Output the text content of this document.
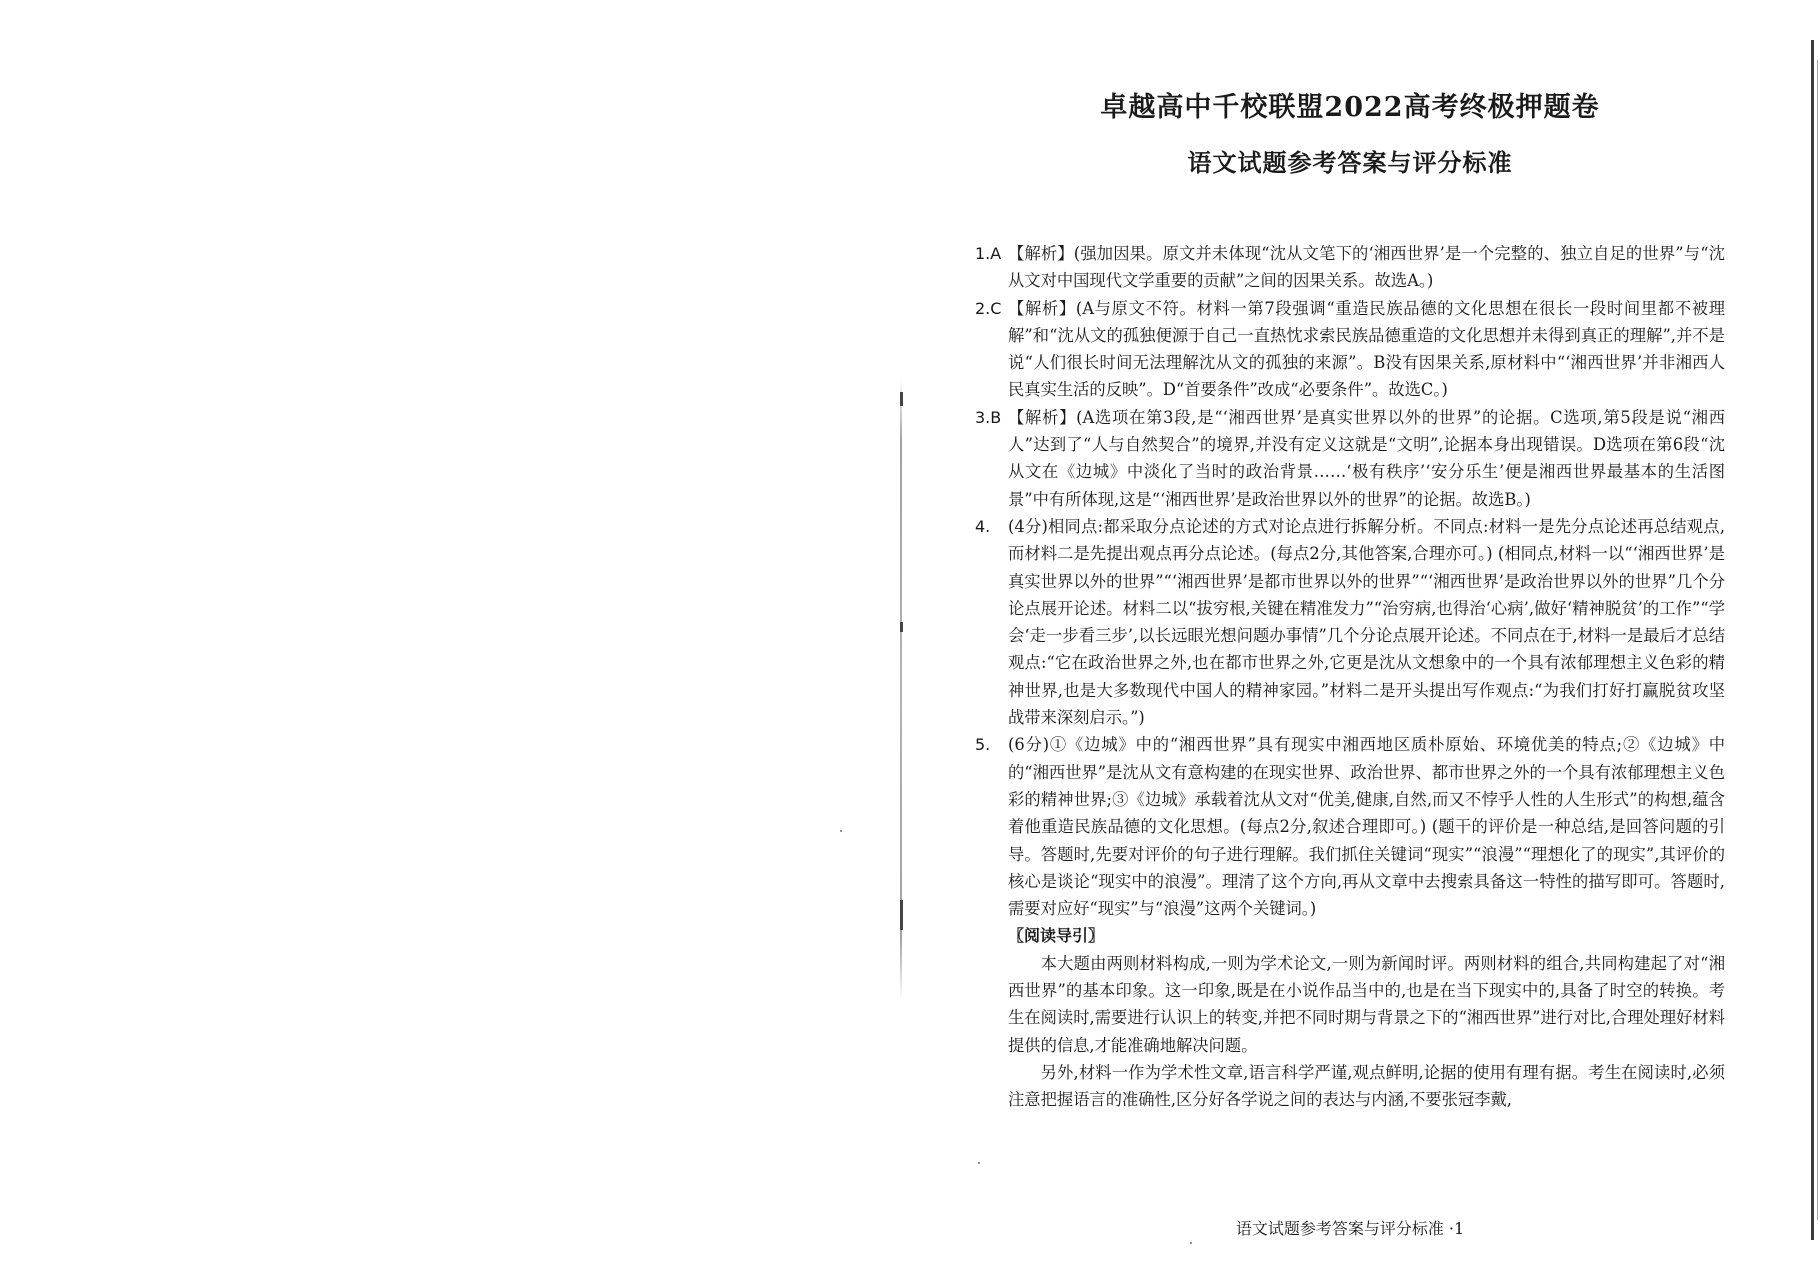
卓越高中千校联盟2022高考终极押题卷
语文试题参考答案与评分标准
1.A 【解析】(强加因果。原文并未体现“沈从文笔下的‘湘西世界’是一个完整的、独立自足的世界”与“沈从文对中国现代文学重要的贡献”之间的因果关系。故选A。)
2.C 【解析】(A与原文不符。材料一第7段强调“重造民族品德的文化思想在很长一段时间里都不被理解”和“沈从文的孤独便源于自己一直热忱求索民族品德重造的文化思想并未得到真正的理解”,并不是说“人们很长时间无法理解沈从文的孤独的来源”。B没有因果关系,原材料中“‘湘西世界’并非湘西人民真实生活的反映”。D“首要条件”改成“必要条件”。故选C。)
3.B 【解析】(A选项在第3段,是“‘湘西世界’是真实世界以外的世界”的论据。C选项,第5段是说“湘西人”达到了“人与自然契合”的境界,并没有定义这就是“文明”,论据本身出现错误。D选项在第6段“沈从文在《边城》中淡化了当时的政治背景……‘极有秩序’‘安分乐生’便是湘西世界最基本的生活图景”中有所体现,这是“‘湘西世界’是政治世界以外的世界”的论据。故选B。)
4. (4分)相同点:都采取分点论述的方式对论点进行拆解分析。不同点:材料一是先分点论述再总结观点,而材料二是先提出观点再分点论述。(每点2分,其他答案,合理亦可。) (相同点,材料一以“‘湘西世界’是真实世界以外的世界”“‘湘西世界’是都市世界以外的世界”“‘湘西世界’是政治世界以外的世界”几个分论点展开论述。材料二以“拔穷根,关键在精准发力”“治穷病,也得治‘心病’,做好‘精神脱贫’的工作”“学会‘走一步看三步’,以长远眼光想问题办事情”几个分论点展开论述。不同点在于,材料一是最后才总结观点:“它在政治世界之外,也在都市世界之外,它更是沈从文想象中的一个具有浓郁理想主义色彩的精神世界,也是大多数现代中国人的精神家园。”材料二是开头提出写作观点:“为我们打好打赢脱贫攻坚战带来深刻启示。”)
5. (6分)①《边城》中的“湘西世界”具有现实中湘西地区质朴原始、环境优美的特点;②《边城》中的“湘西世界”是沈从文有意构建的在现实世界、政治世界、都市世界之外的一个具有浓郁理想主义色彩的精神世界;③《边城》承载着沈从文对“优美,健康,自然,而又不悖乎人性的人生形式”的构想,蕴含着他重造民族品德的文化思想。(每点2分,叙述合理即可。) (题干的评价是一种总结,是回答问题的引导。答题时,先要对评价的句子进行理解。我们抓住关键词“现实”“浪漫”“理想化了的现实”,其评价的核心是谈论“现实中的浪漫”。理清了这个方向,再从文章中去搜索具备这一特性的描写即可。答题时,需要对应好“现实”与“浪漫”这两个关键词。)
〖阅读导引〗
本大题由两则材料构成,一则为学术论文,一则为新闻时评。两则材料的组合,共同构建起了对“湘西世界”的基本印象。这一印象,既是在小说作品当中的,也是在当下现实中的,具备了时空的转换。考生在阅读时,需要进行认识上的转变,并把不同时期与背景之下的“湘西世界”进行对比,合理处理好材料提供的信息,才能准确地解决问题。
另外,材料一作为学术性文章,语言科学严谨,观点鲜明,论据的使用有理有据。考生在阅读时,必须注意把握语言的准确性,区分好各学说之间的表达与内涵,不要张冠李戴,
语文试题参考答案与评分标准 ·1
